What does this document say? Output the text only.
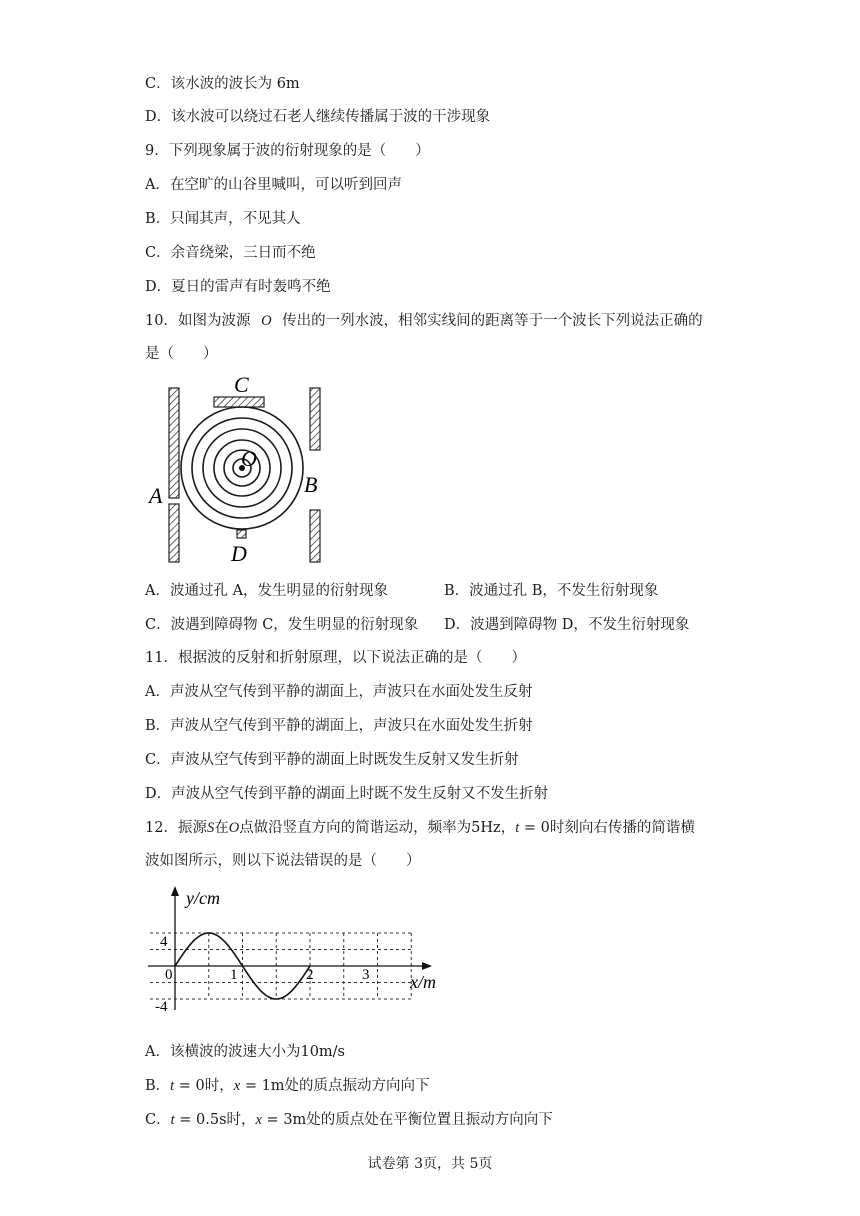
C．该水波的波长为 6m
D．该水波可以绕过石老人继续传播属于波的干涉现象
9．下列现象属于波的衍射现象的是（　　）
A．在空旷的山谷里喊叫，可以听到回声
B．只闻其声，不见其人
C．余音绕梁，三日而不绝
D．夏日的雷声有时轰鸣不绝
10．如图为波源 O 传出的一列水波，相邻实线间的距离等于一个波长下列说法正确的
是（　　）
C
O
A	B
D
A．波通过孔 A，发生明显的衍射现象	B．波通过孔 B，不发生衍射现象
C．波遇到障碍物 C，发生明显的衍射现象 D．波遇到障碍物 D，不发生衍射现象
11．根据波的反射和折射原理，以下说法正确的是（　　）
A．声波从空气传到平静的湖面上，声波只在水面处发生反射
B．声波从空气传到平静的湖面上，声波只在水面处发生折射
C．声波从空气传到平静的湖面上时既发生反射又发生折射
D．声波从空气传到平静的湖面上时既不发生反射又不发生折射
12．振源S在O点做沿竖直方向的简谐运动，频率为5Hz，t = 0时刻向右传播的简谐横
波如图所示，则以下说法错误的是（　　）
y/cm
x/m
4
-4
0	1	2	3
A．该横波的波速大小为10m/s
B．t = 0时，x = 1m处的质点振动方向向下
C．t = 0.5s时，x = 3m处的质点处在平衡位置且振动方向向下
试卷第 3页，共 5页
